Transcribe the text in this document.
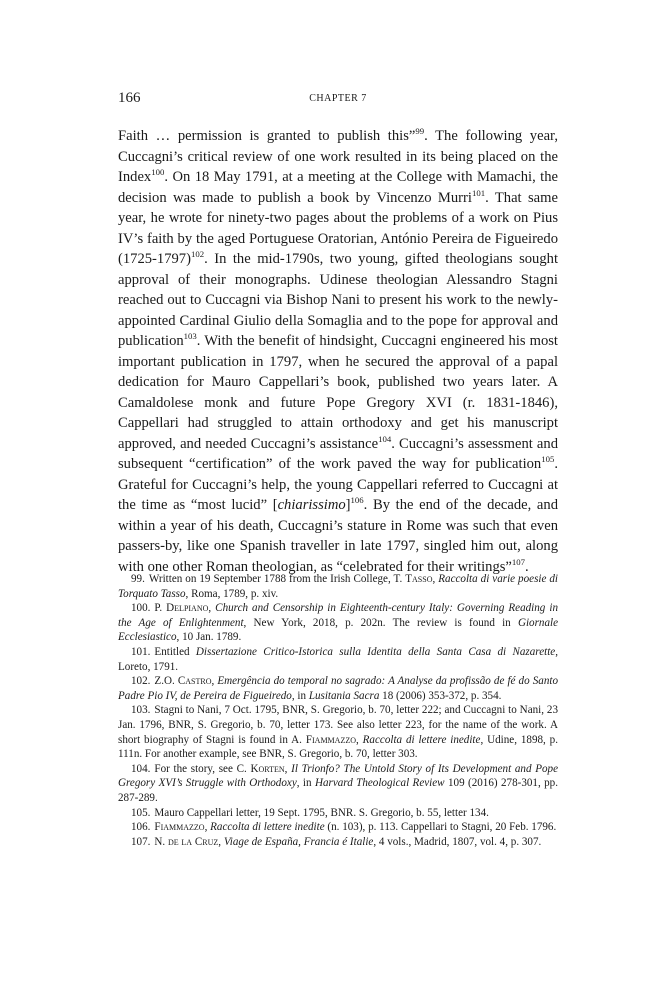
166	CHAPTER 7

Faith … permission is granted to publish this”$^{99}$. The following year, Cuccagni’s critical review of one work resulted in its being placed on the Index$^{100}$. On 18 May 1791, at a meeting at the College with Mamachi, the decision was made to publish a book by Vincenzo Murri$^{101}$. That same year, he wrote for ninety-two pages about the problems of a work on Pius IV’s faith by the aged Portuguese Oratorian, António Pereira de Figueiredo (1725-1797)$^{102}$. In the mid-1790s, two young, gifted theologians sought approval of their monographs. Udinese theologian Alessandro Stagni reached out to Cuccagni via Bishop Nani to present his work to the newly-appointed Cardinal Giulio della Somaglia and to the pope for approval and publication$^{103}$. With the benefit of hindsight, Cuccagni engineered his most important publication in 1797, when he secured the approval of a papal dedication for Mauro Cappellari’s book, published two years later. A Camaldolese monk and future Pope Gregory XVI (r. 1831-1846), Cappellari had struggled to attain orthodoxy and get his manuscript approved, and needed Cuccagni’s assistance$^{104}$. Cuccagni’s assessment and subsequent “certification” of the work paved the way for publication$^{105}$. Grateful for Cuccagni’s help, the young Cappellari referred to Cuccagni at the time as “most lucid” [chiarissimo]$^{106}$. By the end of the decade, and within a year of his death, Cuccagni’s stature in Rome was such that even passers-by, like one Spanish traveller in late 1797, singled him out, along with one other Roman theologian, as “celebrated for their writings”$^{107}$.

99. Written on 19 September 1788 from the Irish College, T. Tasso, Raccolta di varie poesie di Torquato Tasso, Roma, 1789, p. xiv.

100. P. Delpiano, Church and Censorship in Eighteenth-century Italy: Governing Reading in the Age of Enlightenment, New York, 2018, p. 202n. The review is found in Giornale Ecclesiastico, 10 Jan. 1789.

101. Entitled Dissertazione Critico-Istorica sulla Identita della Santa Casa di Nazarette, Loreto, 1791.

102. Z.O. Castro, Emergência do temporal no sagrado: A Analyse da profissão de fé do Santo Padre Pio IV, de Pereira de Figueiredo, in Lusitania Sacra 18 (2006) 353-372, p. 354.

103. Stagni to Nani, 7 Oct. 1795, BNR, S. Gregorio, b. 70, letter 222; and Cuccagni to Nani, 23 Jan. 1796, BNR, S. Gregorio, b. 70, letter 173. See also letter 223, for the name of the work. A short biography of Stagni is found in A. Fiammazzo, Raccolta di lettere inedite, Udine, 1898, p. 111n. For another example, see BNR, S. Gregorio, b. 70, letter 303.

104. For the story, see C. Korten, Il Trionfo? The Untold Story of Its Development and Pope Gregory XVI’s Struggle with Orthodoxy, in Harvard Theological Review 109 (2016) 278-301, pp. 287-289.

105. Mauro Cappellari letter, 19 Sept. 1795, BNR. S. Gregorio, b. 55, letter 134.

106. Fiammazzo, Raccolta di lettere inedite (n. 103), p. 113. Cappellari to Stagni, 20 Feb. 1796.

107. N. de la Cruz, Viage de España, Francia é Italie, 4 vols., Madrid, 1807, vol. 4, p. 307.
